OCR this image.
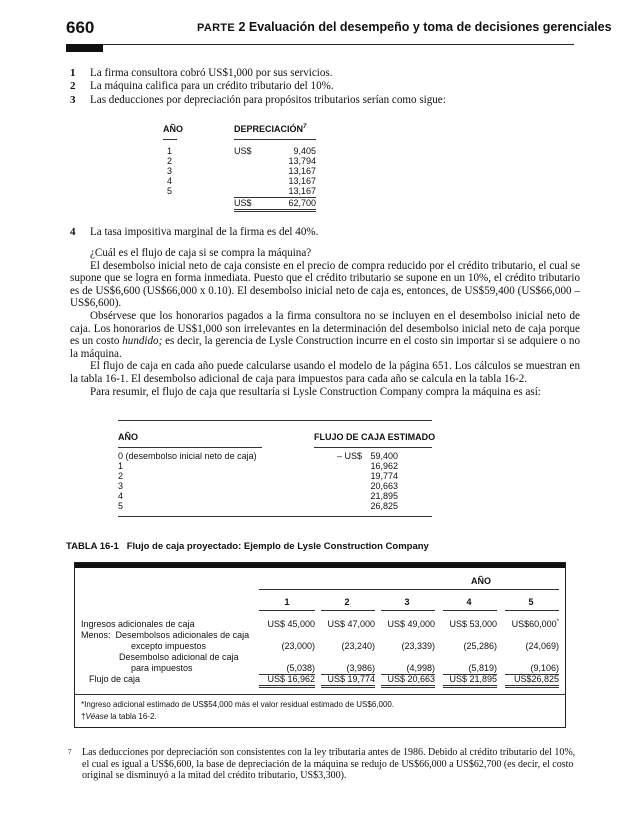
660	PARTE 2 Evaluación del desempeño y toma de decisiones gerenciales
1	La firma consultora cobró US$1,000 por sus servicios.
2	La máquina califica para un crédito tributario del 10%.
3	Las deducciones por depreciación para propósitos tributarios serían como sigue:
AÑO	DEPRECIACIÓN$^7$
1	US$	9,405
2	13,794
3	13,167
4	13,167
5	13,167
US$	62,700
4	La tasa impositiva marginal de la firma es del 40%.

¿Cuál es el flujo de caja si se compra la máquina?

El desembolso inicial neto de caja consiste en el precio de compra reducido por el crédito tributario, el cual se supone que se logra en forma inmediata. Puesto que el crédito tributario se supone en un 10%, el crédito tributario es de US$6,600 (US$66,000 x 0.10). El desembolso inicial neto de caja es, entonces, de US$59,400 (US$66,000 – US$6,600).

Obsérvese que los honorarios pagados a la firma consultora no se incluyen en el desembolso inicial neto de caja. Los honorarios de US$1,000 son irrelevantes en la determinación del desembolso inicial neto de caja porque es un costo hundido; es decir, la gerencia de Lysle Construction incurre en el costo sin importar si se adquiere o no la máquina.

El flujo de caja en cada año puede calcularse usando el modelo de la página 651. Los cálculos se muestran en la tabla 16-1. El desembolso adicional de caja para impuestos para cada año se calcula en la tabla 16-2.

Para resumir, el flujo de caja que resultaría si Lysle Construction Company compra la máquina es así:

AÑO	FLUJO DE CAJA ESTIMADO
0 (desembolso inicial neto de caja)	– US$ 59,400
1	16,962
2	19,774
3	20,663
4	21,895
5	26,825
TABLA 16-1 Flujo de caja proyectado: Ejemplo de Lysle Construction Company
AÑO
1	2	3	4	5
Ingresos adicionales de caja	US$ 45,000	US$ 47,000	US$ 49,000	US$ 53,000	US$60,000*
Menos: Desembolsos adicionales de caja
excepto impuestos	(23,000)	(23,240)	(23,339)	(25,286)	(24,069)
Desembolso adicional de caja
para impuestos	(5,038)	(3,986)	(4,998)	(5,819)	(9,106)
Flujo de caja	US$ 16,962	US$ 19,774	US$ 20,663	US$ 21,895	US$26,825
*Ingreso adicional estimado de US$54,000 más el valor residual estimado de US$6,000.
†Véase la tabla 16-2.
7	Las deducciones por depreciación son consistentes con la ley tributaria antes de 1986. Debido al crédito tributario del 10%, el cual es igual a US$6,600, la base de depreciación de la máquina se redujo de US$66,000 a US$62,700 (es decir, el costo original se disminuyó a la mitad del crédito tributario, US$3,300).
